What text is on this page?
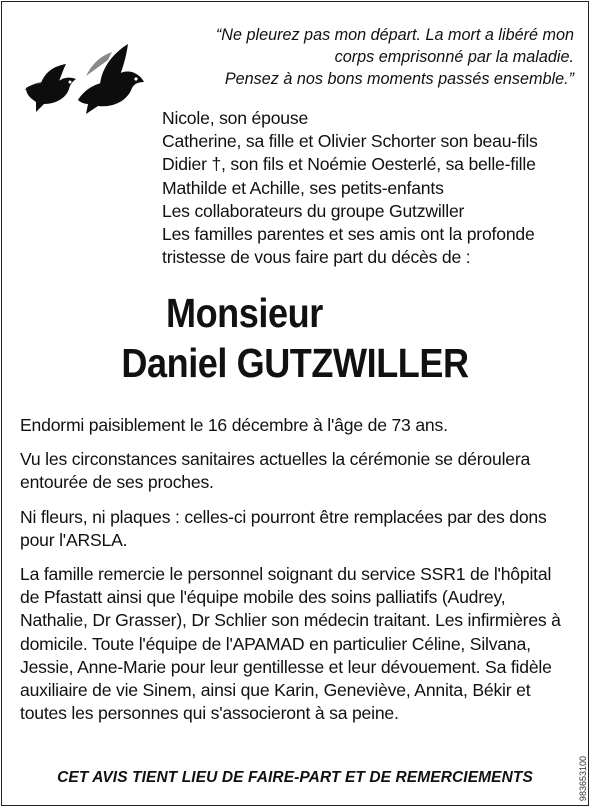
“Ne pleurez pas mon départ. La mort a libéré mon
corps emprisonné par la maladie.
Pensez à nos bons moments passés ensemble.”
Nicole, son épouse
Catherine, sa fille et Olivier Schorter son beau-fils
Didier †, son fils et Noémie Oesterlé, sa belle-fille
Mathilde et Achille, ses petits-enfants
Les collaborateurs du groupe Gutzwiller
Les familles parentes et ses amis ont la profonde
tristesse de vous faire part du décès de :
Monsieur
Daniel GUTZWILLER

Endormi paisiblement le 16 décembre à l'âge de 73 ans.

Vu les circonstances sanitaires actuelles la cérémonie se déroulera entourée de ses proches.

Ni fleurs, ni plaques : celles-ci pourront être remplacées par des dons pour l'ARSLA.

La famille remercie le personnel soignant du service SSR1 de l'hôpital de Pfastatt ainsi que l'équipe mobile des soins palliatifs (Audrey, Nathalie, Dr Grasser), Dr Schlier son médecin traitant. Les infirmières à domicile. Toute l'équipe de l'APAMAD en particulier Céline, Silvana, Jessie, Anne-Marie pour leur gentillesse et leur dévouement. Sa fidèle auxiliaire de vie Sinem, ainsi que Karin, Geneviève, Annita, Békir et toutes les personnes qui s'associeront à sa peine.

CET AVIS TIENT LIEU DE FAIRE-PART ET DE REMERCIEMENTS	983653100
